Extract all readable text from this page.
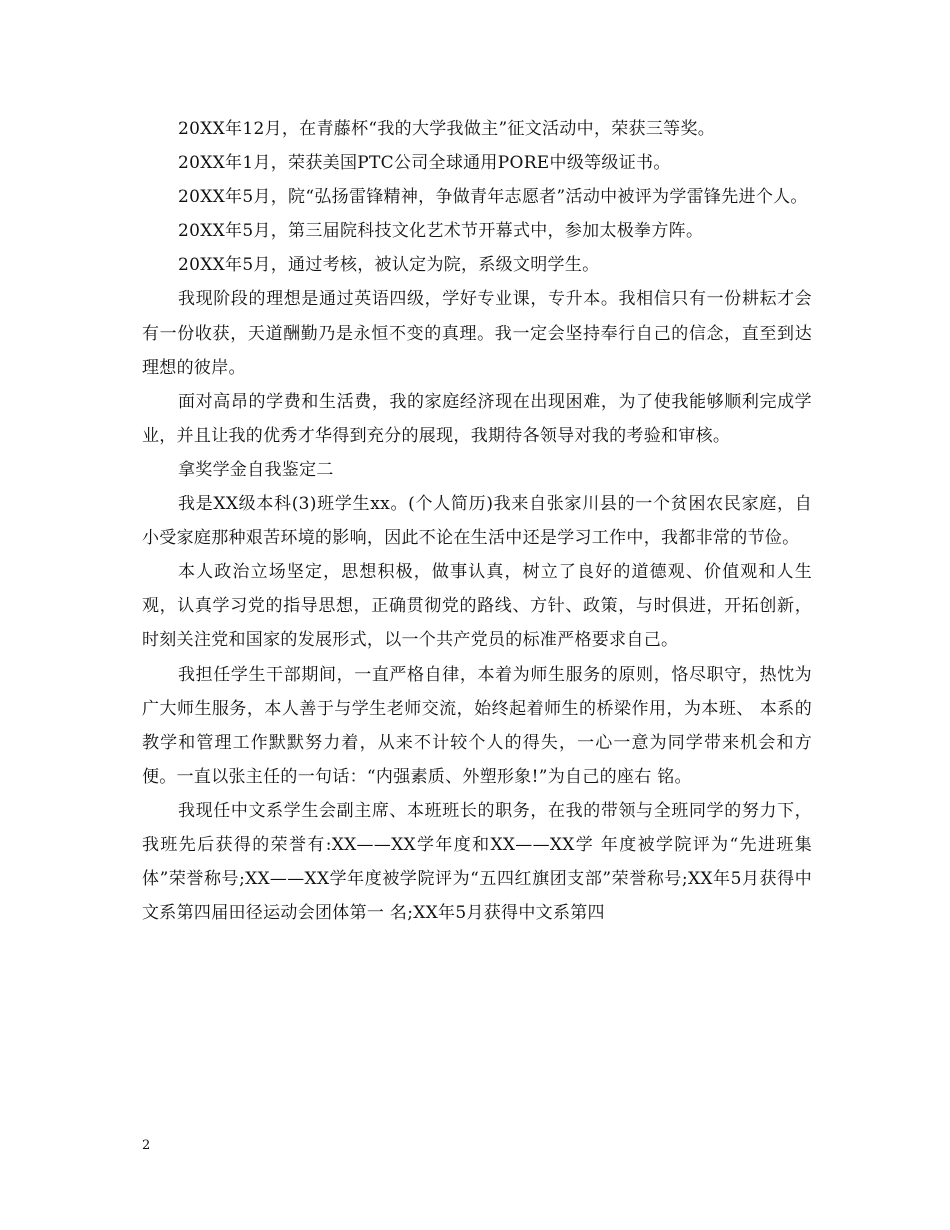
20XX年12月，在青藤杯“我的大学我做主”征文活动中，荣获三等奖。

20XX年1月，荣获美国PTC公司全球通用PORE中级等级证书。

20XX年5月，院“弘扬雷锋精神，争做青年志愿者”活动中被评为学雷锋先进个人。

20XX年5月，第三届院科技文化艺术节开幕式中，参加太极拳方阵。

20XX年5月，通过考核，被认定为院，系级文明学生。

我现阶段的理想是通过英语四级，学好专业课，专升本。我相信只有一份耕耘才会有一份收获，天道酬勤乃是永恒不变的真理。我一定会坚持奉行自己的信念，直至到达理想的彼岸。

面对高昂的学费和生活费，我的家庭经济现在出现困难，为了使我能够顺利完成学业，并且让我的优秀才华得到充分的展现，我期待各领导对我的考验和审核。

拿奖学金自我鉴定二

我是XX级本科(3)班学生xx。(个人简历)我来自张家川县的一个贫困农民家庭，自小受家庭那种艰苦环境的影响，因此不论在生活中还是学习工作中，我都非常的节俭。

本人政治立场坚定，思想积极，做事认真，树立了良好的道德观、价值观和人生观，认真学习党的指导思想，正确贯彻党的路线、方针、政策，与时俱进，开拓创新，时刻关注党和国家的发展形式，以一个共产党员的标准严格要求自己。

我担任学生干部期间，一直严格自律，本着为师生服务的原则，恪尽职守，热忱为广大师生服务，本人善于与学生老师交流，始终起着师生的桥梁作用，为本班、 本系的教学和管理工作默默努力着，从来不计较个人的得失，一心一意为同学带来机会和方便。一直以张主任的一句话：“内强素质、外塑形象!”为自己的座右 铭。

我现任中文系学生会副主席、本班班长的职务，在我的带领与全班同学的努力下，我班先后获得的荣誉有:XX——XX学年度和XX——XX学 年度被学院评为“先进班集体”荣誉称号;XX——XX学年度被学院评为“五四红旗团支部”荣誉称号;XX年5月获得中文系第四届田径运动会团体第一 名;XX年5月获得中文系第四

2
